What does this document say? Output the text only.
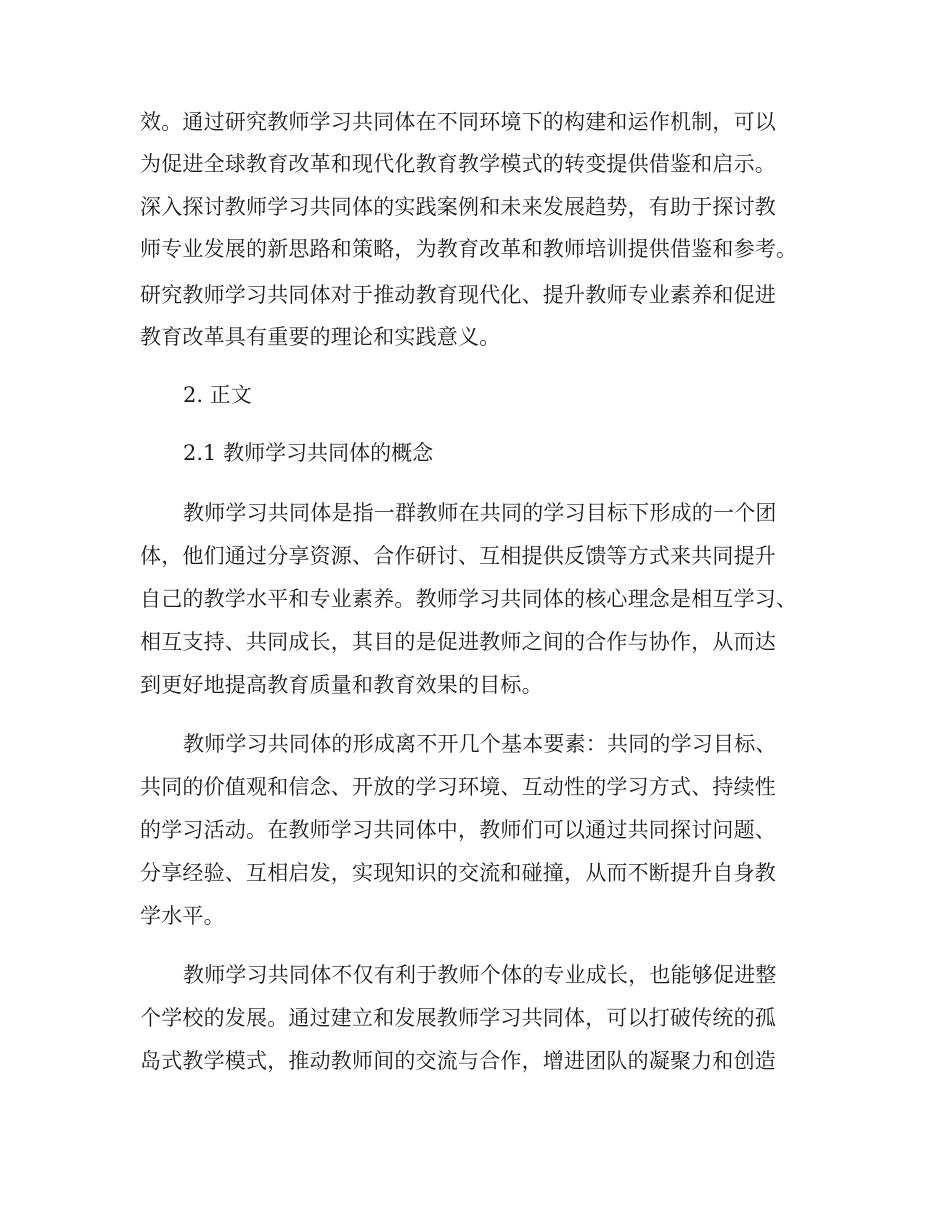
效。通过研究教师学习共同体在不同环境下的构建和运作机制，可以
为促进全球教育改革和现代化教育教学模式的转变提供借鉴和启示。
深入探讨教师学习共同体的实践案例和未来发展趋势，有助于探讨教
师专业发展的新思路和策略，为教育改革和教师培训提供借鉴和参考。
研究教师学习共同体对于推动教育现代化、提升教师专业素养和促进
教育改革具有重要的理论和实践意义。
2. 正文
2.1 教师学习共同体的概念
教师学习共同体是指一群教师在共同的学习目标下形成的一个团
体，他们通过分享资源、合作研讨、互相提供反馈等方式来共同提升
自己的教学水平和专业素养。教师学习共同体的核心理念是相互学习、
相互支持、共同成长，其目的是促进教师之间的合作与协作，从而达
到更好地提高教育质量和教育效果的目标。
教师学习共同体的形成离不开几个基本要素：共同的学习目标、
共同的价值观和信念、开放的学习环境、互动性的学习方式、持续性
的学习活动。在教师学习共同体中，教师们可以通过共同探讨问题、
分享经验、互相启发，实现知识的交流和碰撞，从而不断提升自身教
学水平。
教师学习共同体不仅有利于教师个体的专业成长，也能够促进整
个学校的发展。通过建立和发展教师学习共同体，可以打破传统的孤
岛式教学模式，推动教师间的交流与合作，增进团队的凝聚力和创造
